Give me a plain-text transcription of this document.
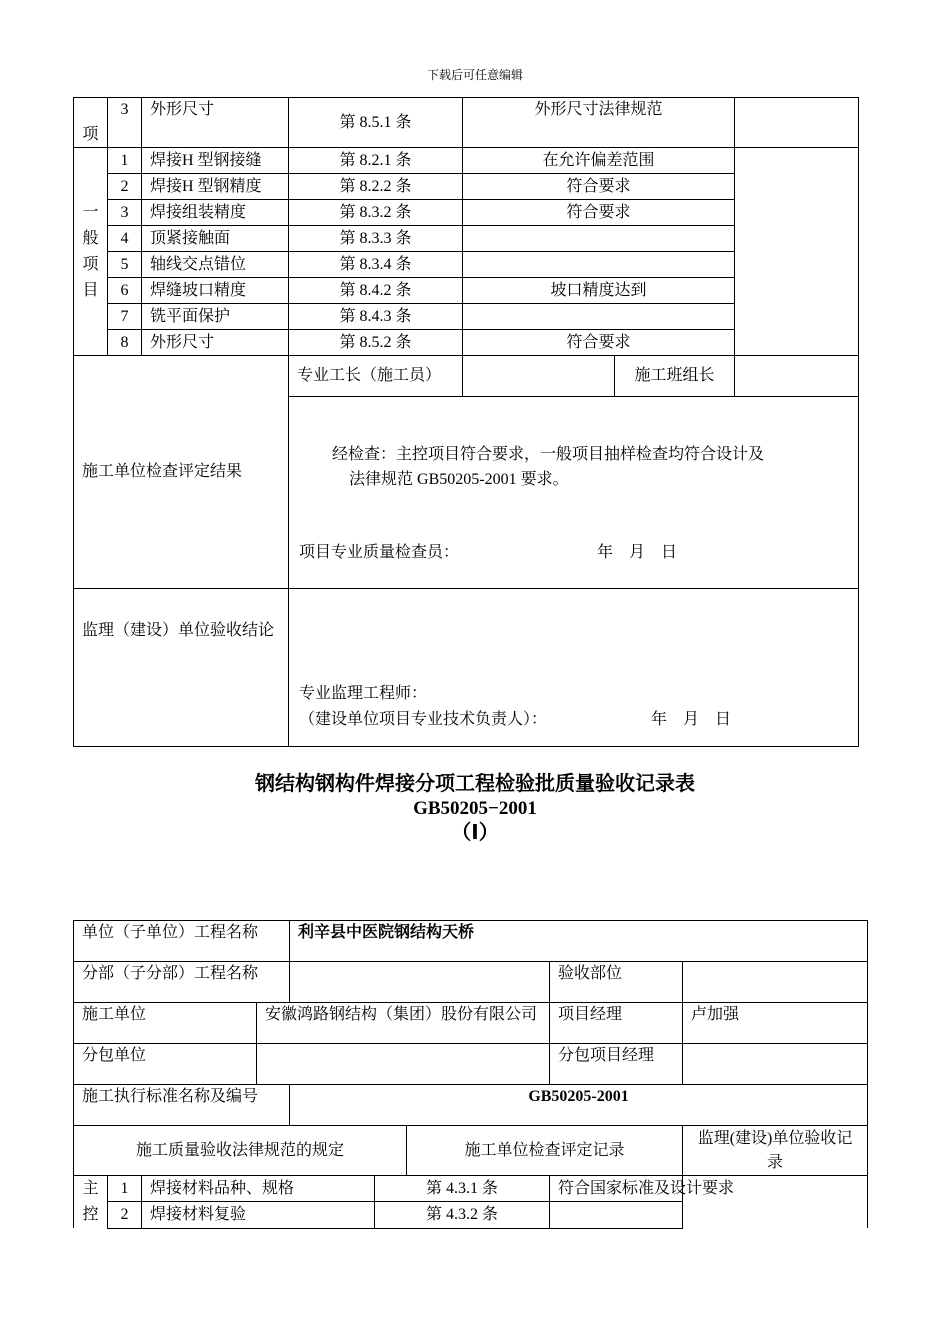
下载后可任意编辑
项	3	外形尺寸	第 8.5.1 条	外形尺寸法律规范		

一
般
项
目	1	焊接H 型钢接缝	第 8.2.1 条	在允许偏差范围		
	2	焊接H 型钢精度	第 8.2.2 条	符合要求		
	3	焊接组装精度	第 8.3.2 条	符合要求		
	4	顶紧接触面	第 8.3.3 条			
	5	轴线交点错位	第 8.3.4 条			
	6	焊缝坡口精度	第 8.4.2 条	坡口精度达到		
	7	铣平面保护	第 8.4.3 条			
	8	外形尺寸	第 8.5.2 条	符合要求		
施工单位检查评定结果			专业工长（施工员）		施工班组长	

			经检查：主控项目符合要求，一般项目抽样检查均符合设计及
法律规范 GB50205-2001 要求。
项目专业质量检查员： 年　月　日			

监理（建设）单位验收结论			专业监理工程师：
（建设单位项目专业技术负责人）： 年　月　日			
钢结构钢构件焊接分项工程检验批质量验收记录表
GB50205−2001
（Ⅰ）
单位（子单位）工程名称				利辛县中医院钢结构天桥				
分部（子分部）工程名称							验收部位	
施工单位			安徽鸿路钢结构（集团）股份有限公司				项目经理	卢加强
分包单位							分包项目经理	
施工执行标准名称及编号				GB50205-2001				
施工质量验收法律规范的规定						施工单位检查评定记录		监理(建设)单位验收记录

主
控	1	焊接材料品种、规格			第 4.3.1 条		符合国家标准及设计要求	
	2	焊接材料复验			第 4.3.2 条			
